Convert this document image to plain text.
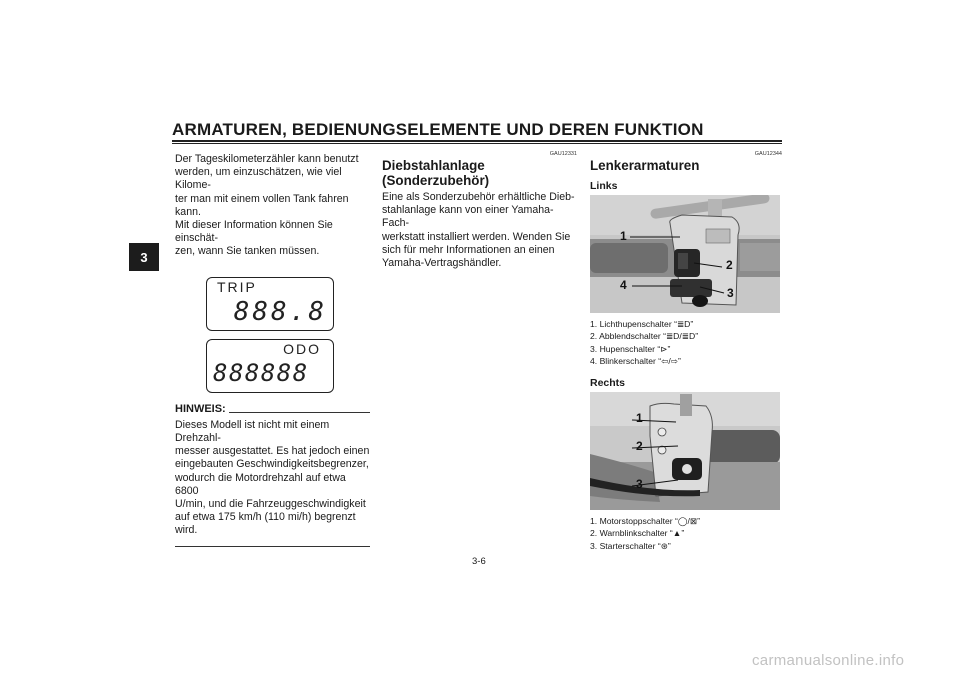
ARMATUREN, BEDIENUNGSELEMENTE UND DEREN FUNKTION
3
Der Tageskilometerzähler kann benutzt
werden, um einzuschätzen, wie viel Kilome-
ter man mit einem vollen Tank fahren kann.
Mit dieser Information können Sie einschät-
zen, wann Sie tanken müssen.
TRIP
888.8
ODO
888888
HINWEIS:
Dieses Modell ist nicht mit einem Drehzahl-
messer ausgestattet. Es hat jedoch einen
eingebauten Geschwindigkeitsbegrenzer,
wodurch die Motordrehzahl auf etwa 6800
U/min, und die Fahrzeuggeschwindigkeit
auf etwa 175 km/h (110 mi/h) begrenzt wird.
GAU12331
Diebstahlanlage
(Sonderzubehör)
Eine als Sonderzubehör erhältliche Dieb-
stahlanlage kann von einer Yamaha-Fach-
werkstatt installiert werden. Wenden Sie
sich für mehr Informationen an einen
Yamaha-Vertragshändler.
GAU12344
Lenkerarmaturen
Links
1
2
4
3
1. Lichthupenschalter “≣D”
2. Abblendschalter “≣D/≣D”
3. Hupenschalter “⊳”
4. Blinkerschalter “⇦/⇨”
Rechts
1
2
3
1. Motorstoppschalter “◯/⊠”
2. Warnblinkschalter “▲”
3. Starterschalter “⊛”
3-6
carmanualsonline.info
